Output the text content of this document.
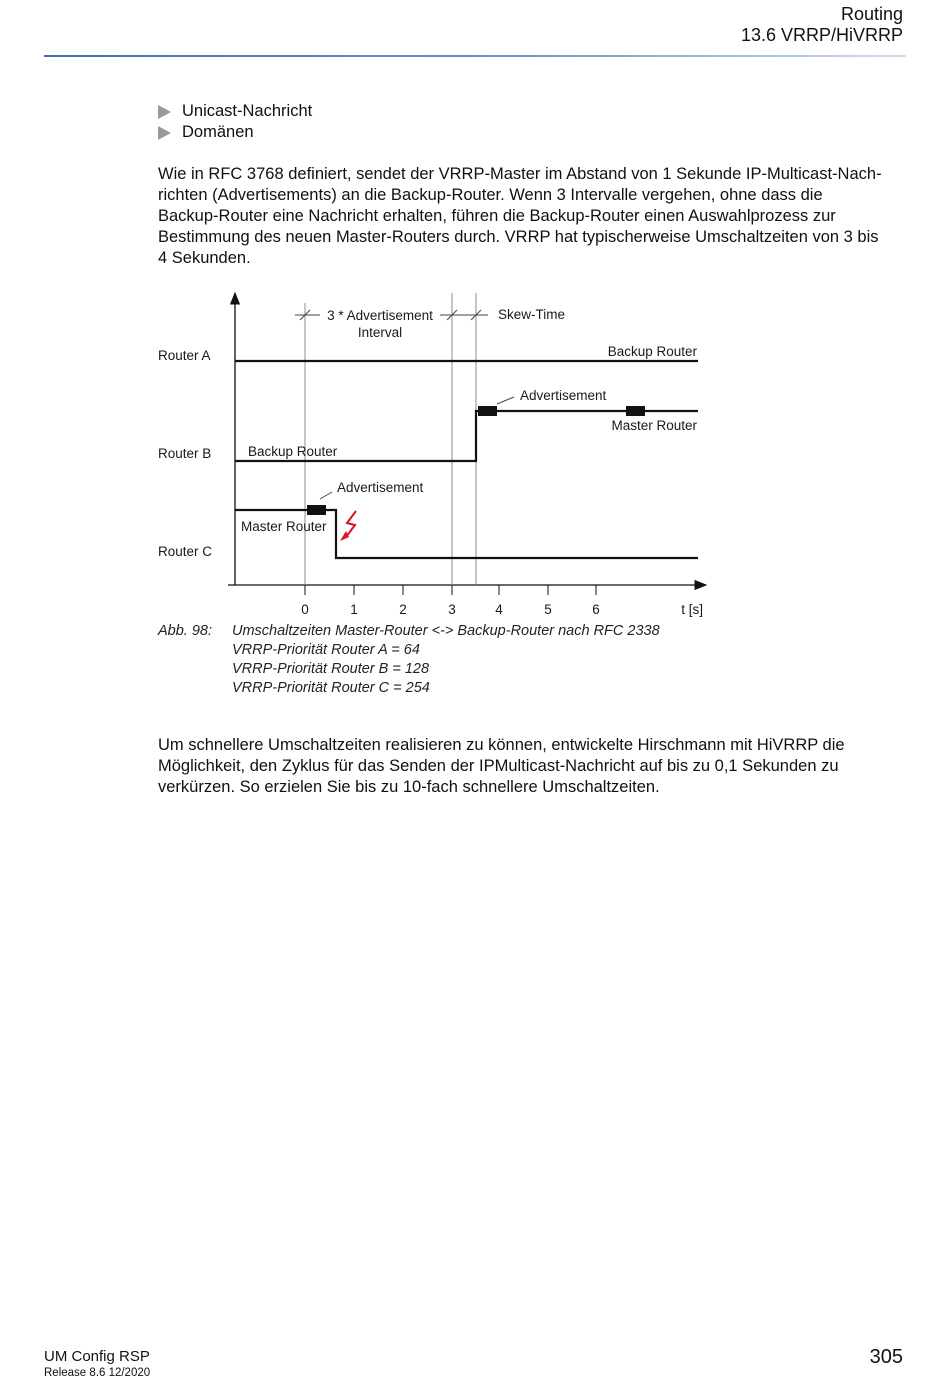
Routing
13.6 VRRP/HiVRRP
Unicast-Nachricht
Domänen
Wie in RFC 3768 definiert, sendet der VRRP-Master im Abstand von 1 Sekunde IP-Multicast-Nach-
richten (Advertisements) an die Backup-Router. Wenn 3 Intervalle vergehen, ohne dass die
Backup-Router eine Nachricht erhalten, führen die Backup-Router einen Auswahlprozess zur
Bestimmung des neuen Master-Routers durch. VRRP hat typischerweise Umschaltzeiten von 3 bis
4 Sekunden.
3 * Advertisement
Interval
Skew-Time
Router A
Router B
Router C
Backup Router
Backup Router
Master Router
Advertisement
Advertisement
Master Router
0	1	2	3	4	5	6	t [s]
Abb. 98:	Umschaltzeiten Master-Router <-> Backup-Router nach RFC 2338
VRRP-Priorität Router A = 64
VRRP-Priorität Router B = 128
VRRP-Priorität Router C = 254
Um schnellere Umschaltzeiten realisieren zu können, entwickelte Hirschmann mit HiVRRP die
Möglichkeit, den Zyklus für das Senden der IPMulticast-Nachricht auf bis zu 0,1 Sekunden zu
verkürzen. So erzielen Sie bis zu 10-fach schnellere Umschaltzeiten.
UM Config RSP
Release 8.6 12/2020
305
